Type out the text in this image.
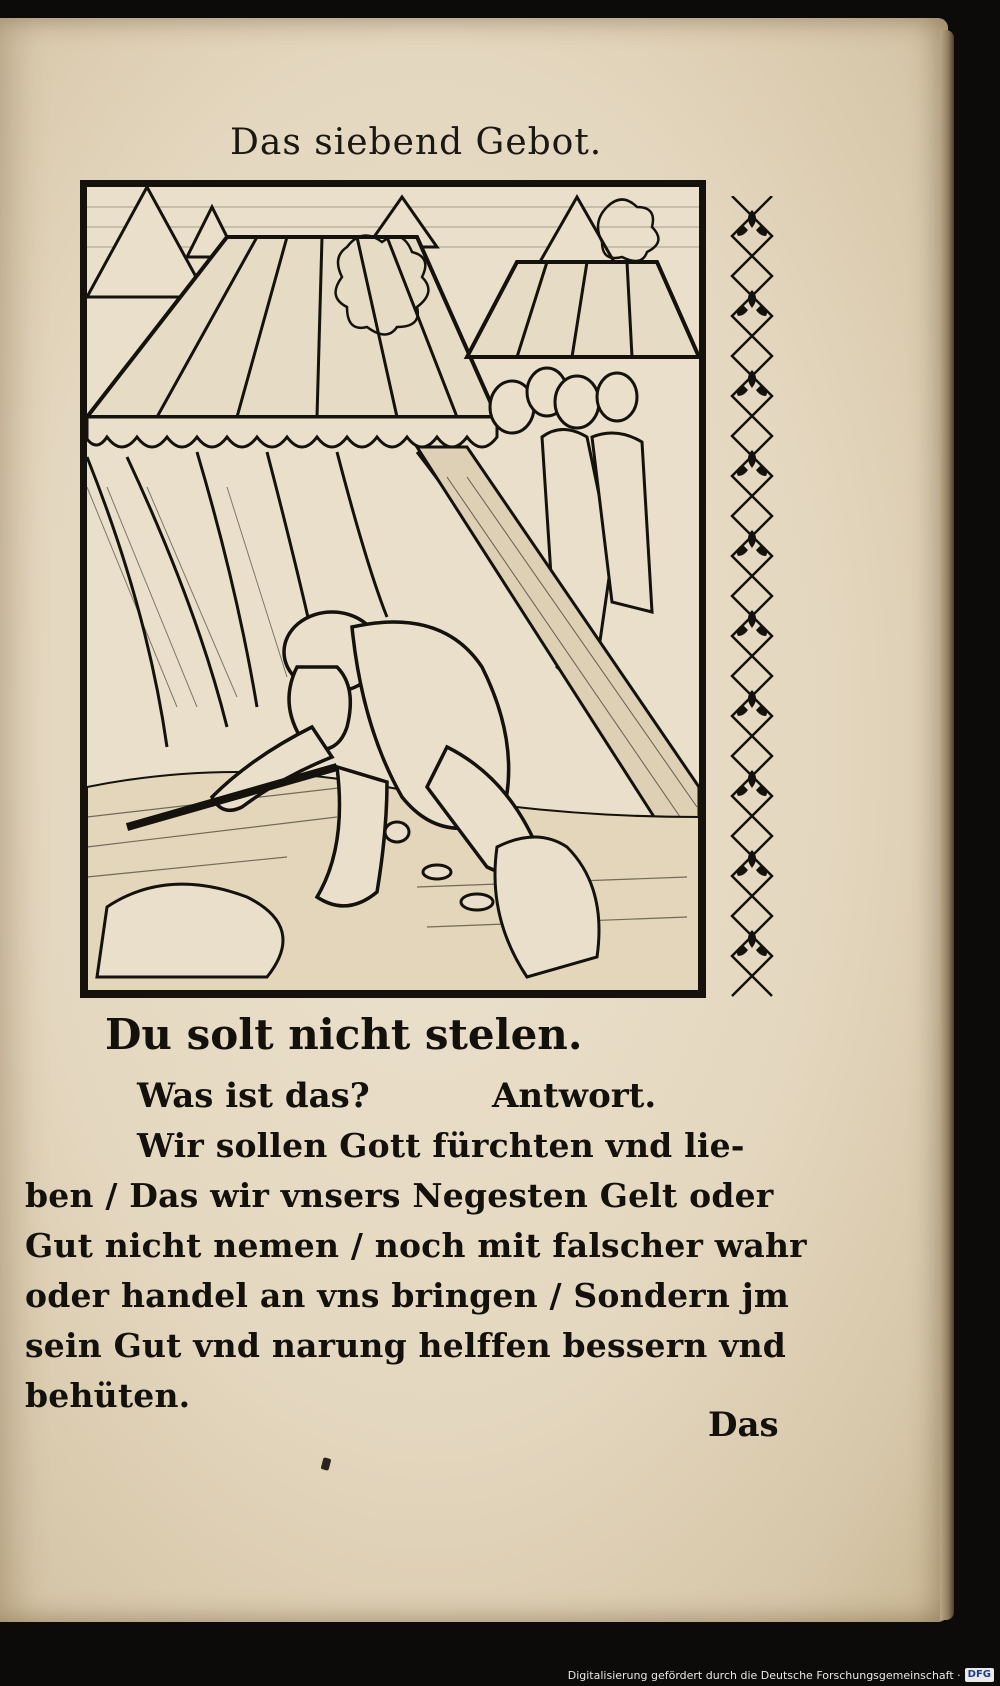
Das siebend Gebot.
Du solt nicht stelen.
Was ist das?	Antwort.
Wir sollen Gott fürchten vnd lie-
ben / Das wir vnsers Negesten Gelt oder
Gut nicht nemen / noch mit falscher wahr
oder handel an vns bringen / Sondern jm
sein Gut vnd narung helffen bessern vnd
behüten.
Das
Digitalisierung gefördert durch die Deutsche Forschungsgemeinschaft · DFG
